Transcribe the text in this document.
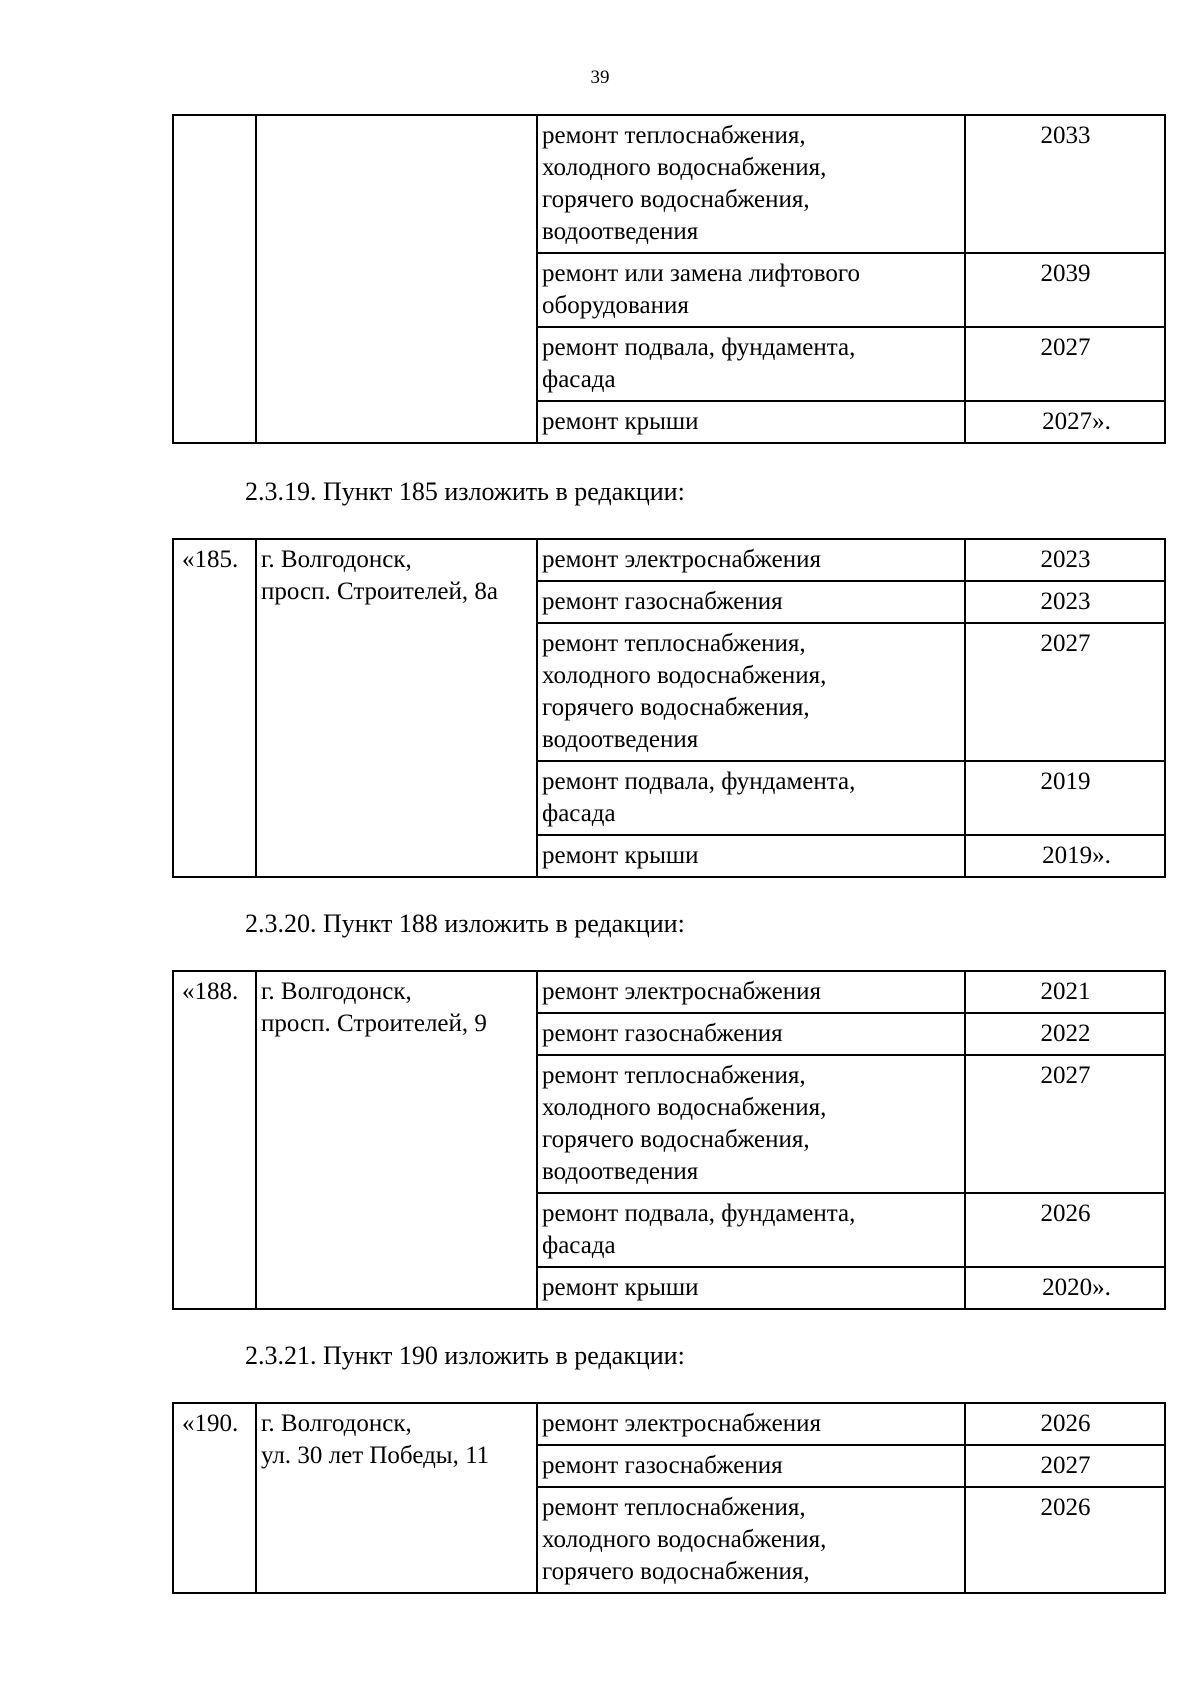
39
		ремонт теплоснабжения,
холодного водоснабжения,
горячего водоснабжения,
водоотведения	2033
		ремонт или замена лифтового
оборудования	2039
		ремонт подвала, фундамента,
фасада	2027
		ремонт крыши	2027».
2.3.19. Пункт 185 изложить в редакции:
«185.	г. Волгодонск,
просп. Строителей, 8а	ремонт электроснабжения	2023
		ремонт газоснабжения	2023
		ремонт теплоснабжения,
холодного водоснабжения,
горячего водоснабжения,
водоотведения	2027
		ремонт подвала, фундамента,
фасада	2019
		ремонт крыши	2019».
2.3.20. Пункт 188 изложить в редакции:
«188.	г. Волгодонск,
просп. Строителей, 9	ремонт электроснабжения	2021
		ремонт газоснабжения	2022
		ремонт теплоснабжения,
холодного водоснабжения,
горячего водоснабжения,
водоотведения	2027
		ремонт подвала, фундамента,
фасада	2026
		ремонт крыши	2020».
2.3.21. Пункт 190 изложить в редакции:
«190.	г. Волгодонск,
ул. 30 лет Победы, 11	ремонт электроснабжения	2026
		ремонт газоснабжения	2027
		ремонт теплоснабжения,
холодного водоснабжения,
горячего водоснабжения,	2026
